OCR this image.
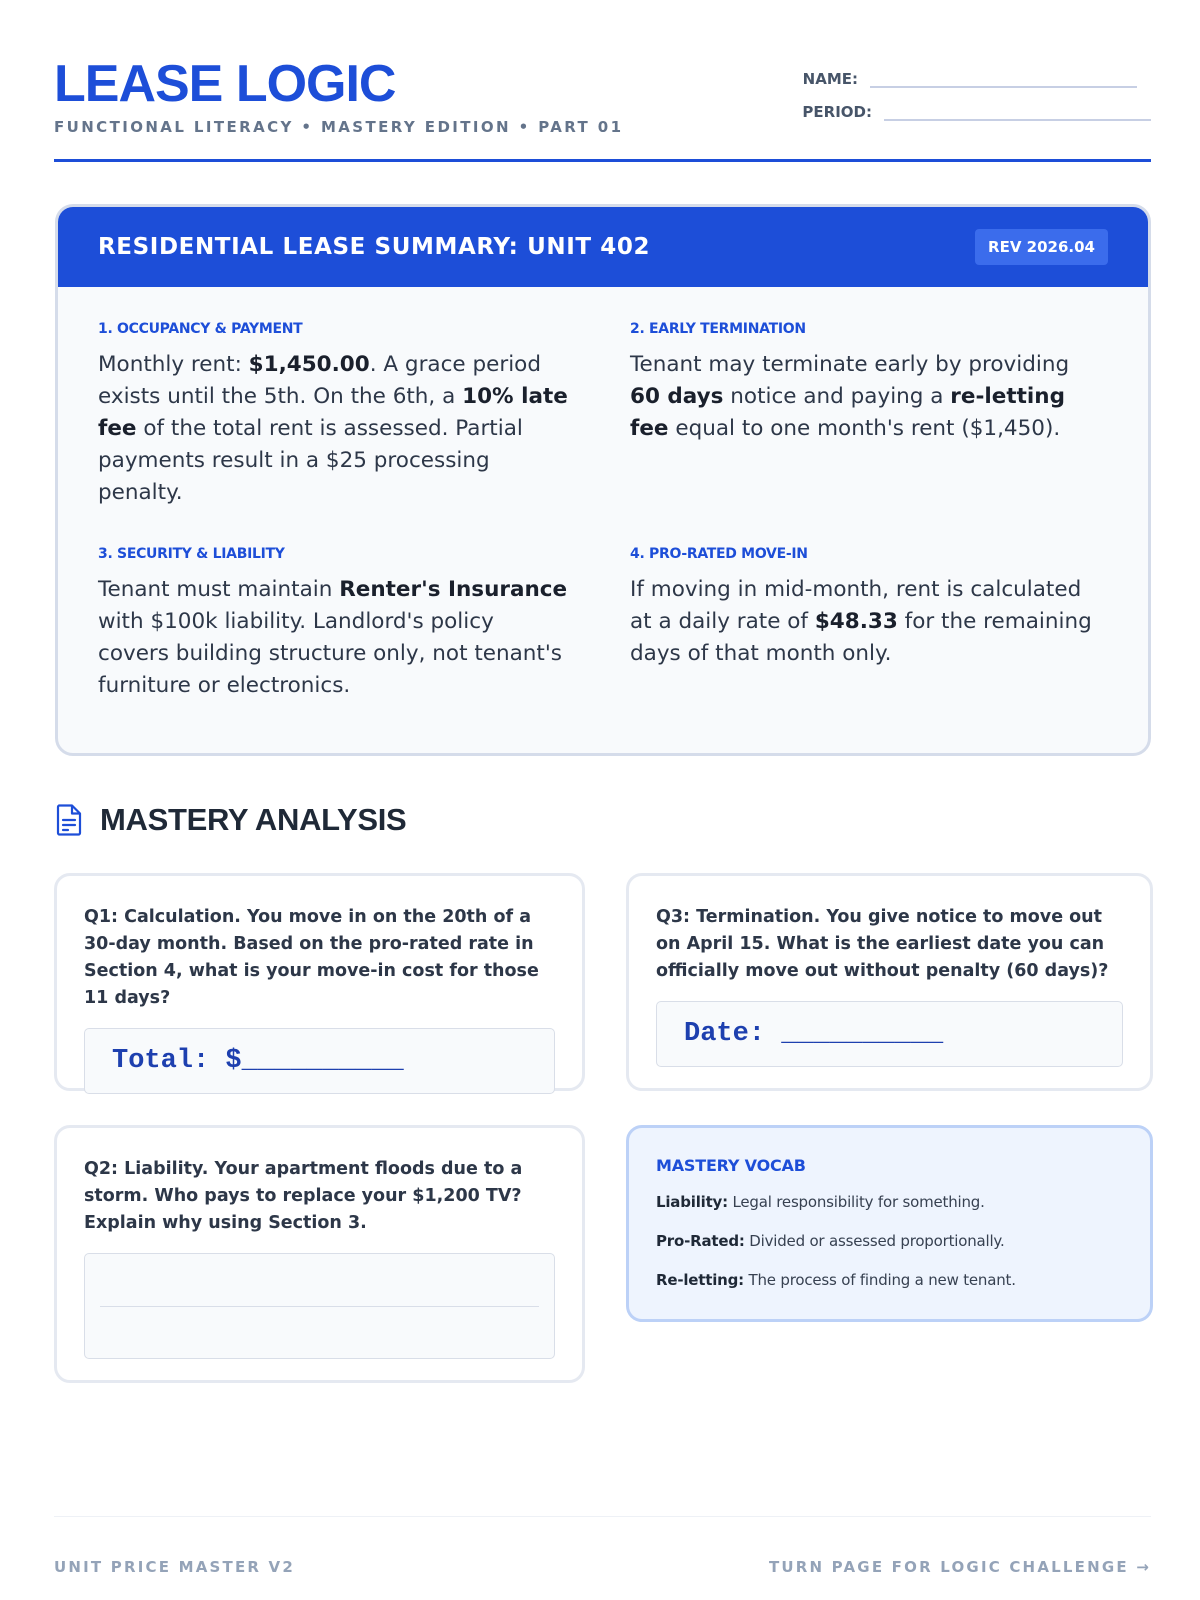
LEASE LOGIC
FUNCTIONAL LITERACY • MASTERY EDITION • PART 01
NAME:
PERIOD:
RESIDENTIAL LEASE SUMMARY: UNIT 402	REV 2026.04
1. OCCUPANCY & PAYMENT
Monthly rent: $1,450.00. A grace period exists until the 5th. On the 6th, a 10% late fee of the total rent is assessed. Partial payments result in a $25 processing penalty.
2. EARLY TERMINATION
Tenant may terminate early by providing 60 days notice and paying a re-letting fee equal to one month's rent ($1,450).
3. SECURITY & LIABILITY
Tenant must maintain Renter's Insurance with $100k liability. Landlord's policy covers building structure only, not tenant's furniture or electronics.
4. PRO-RATED MOVE-IN
If moving in mid-month, rent is calculated at a daily rate of $48.33 for the remaining days of that month only.
MASTERY ANALYSIS
Q1: Calculation. You move in on the 20th of a 30-day month. Based on the pro-rated rate in Section 4, what is your move-in cost for those 11 days?
Total: $__________
Q3: Termination. You give notice to move out on April 15. What is the earliest date you can officially move out without penalty (60 days)?
Date: __________
Q2: Liability. Your apartment floods due to a storm. Who pays to replace your $1,200 TV? Explain why using Section 3.
MASTERY VOCAB
Liability: Legal responsibility for something.
Pro-Rated: Divided or assessed proportionally.
Re-letting: The process of finding a new tenant.
UNIT PRICE MASTER V2	TURN PAGE FOR LOGIC CHALLENGE →
